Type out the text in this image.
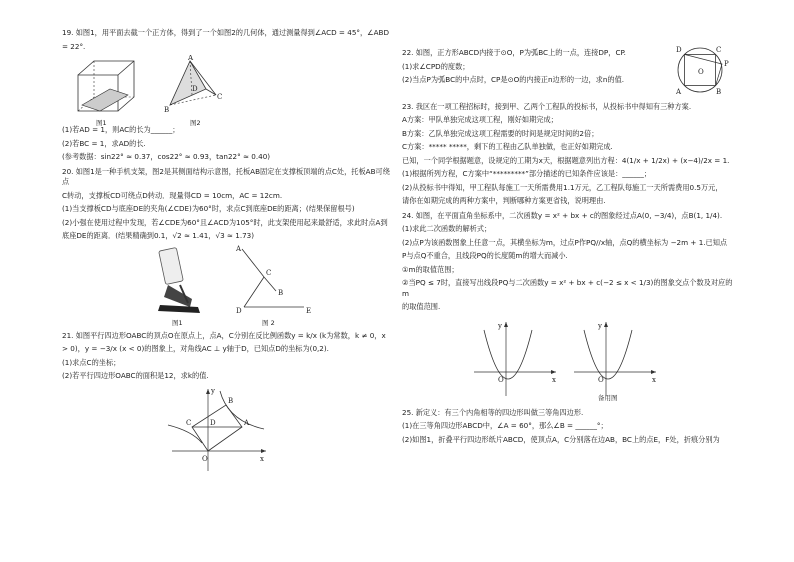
19. 如图1，用平面去截一个正方体，得到了一个如图2的几何体，通过测量得到∠ACD = 45°，∠ABD

= 22°.

图1
A
B
D
C
图2

(1)若AD = 1，则AC的长为______；

(2)若BC = 1，求AD的长.

(参考数据：sin22° ≈ 0.37，cos22° ≈ 0.93，tan22° ≈ 0.40)

20. 如图1是一种手机支架，图2是其侧面结构示意图，托板AB固定在支撑板顶端的点C处，托板AB可绕点

C转动，支撑板CD可绕点D转动．现量得CD = 10cm，AC = 12cm.

(1)当支撑板CD与底座DE的夹角(∠CDE)为60°时，求点C到底座DE的距离；(结果保留根号)

(2)小强在使用过程中发现，若∠CDE为60°且∠ACD为105°时，此支架使用起来最舒适，求此时点A到

底座DE的距离．(结果精确到0.1，√2 ≈ 1.41，√3 ≈ 1.73)

图1
A
C
B
D	E
图 2

21. 如图平行四边形OABC的顶点O在原点上，点A，C分别在反比例函数y = k/x (k为常数，k ≠ 0，x

> 0)，y = −3/x (x < 0)的图象上，对角线AC ⊥ y轴于D，已知点D的坐标为(0,2).

(1)求点C的坐标；

(2)若平行四边形OABC的面积是12，求k的值.

O
C	D
B
A
x
y

22. 如图，正方形ABCD内接于⊙O，P为弧BC上的一点，连接DP，CP.

(1)求∠CPD的度数；

(2)当点P为弧BC的中点时，CP是⊙O的内接正n边形的一边，求n的值.

D	C
P
A	B
O

23. 我区在一项工程招标时，接到甲、乙两个工程队的投标书，从投标书中得知有三种方案.

A方案：甲队单独完成这项工程，刚好如期完成；

B方案：乙队单独完成这项工程需要的时间是规定时间的2倍；

C方案：***** *****，剩下的工程由乙队单独做，也正好如期完成.

已知，一个同学根据题意，设规定的工期为x天，根据题意列出方程：4(1/x + 1/2x) + (x−4)/2x = 1.

(1)根据所列方程，C方案中“*********”部分描述的已知条件应该是：______；

(2)从投标书中得知，甲工程队每施工一天所需费用1.1万元，乙工程队每施工一天所需费用0.5万元，

请你在如期完成的两种方案中，判断哪种方案更省钱，说明理由.

24. 如图，在平面直角坐标系中，二次函数y = x² + bx + c的图象经过点A(0, −3/4)，点B(1, 1/4).

(1)求此二次函数的解析式；

(2)点P为该函数图象上任意一点，其横坐标为m，过点P作PQ//x轴，点Q的横坐标为 −2m + 1.已知点

P与点Q不重合，且线段PQ的长度随m的增大而减小.

①m的取值范围；

②当PQ ≤ 7时，直接写出线段PQ与二次函数y = x² + bx + c(−2 ≤ x < 1/3)的图象交点个数及对应的m

的取值范围.

O	x
y
O	x
y
备用图

25. 新定义：有三个内角相等的四边形叫做三等角四边形.

(1)在三等角四边形ABCD中，∠A = 60°，那么∠B = ______°；

(2)如图1，折叠平行四边形纸片ABCD，使顶点A，C分别落在边AB，BC上的点E，F处，折痕分别为
